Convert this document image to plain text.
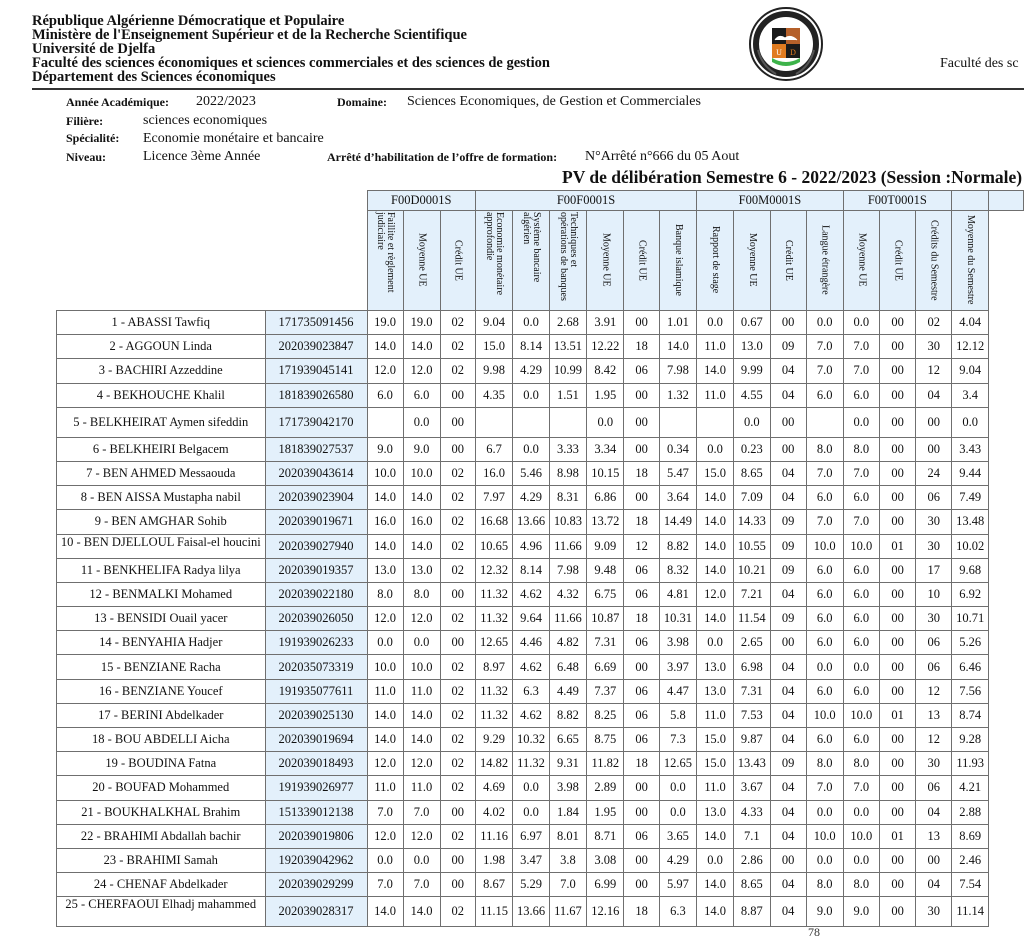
République Algérienne Démocratique et Populaire
Ministère de l'Enseignement Supérieur et de la Recherche Scientifique
Université de Djelfa
Faculté des sciences économiques et sciences commerciales et des sciences de gestion
Département des Sciences économiques
U D
Faculté des sc
Année Académique: 2022/2023	Domaine: Sciences Economiques, de Gestion et Commerciales
Filière:	sciences economiques
Spécialité: Economie monétaire et bancaire
Niveau:	Licence 3ème Année	Arrêté d’habilitation de l’offre de formation: N°Arrêté n°666 du 05 Aout
PV de délibération Semestre 6 - 2022/2023 (Session :Normale)
		F00D0001S			F00F0001S						F00M0001S				F00T0001S				
		Faillite et règlement judiciaire	Moyenne UE	Crédit UE	Economie monétaire approfondie	Système bancaire algérien	Techniques et opérations de banques	Moyenne UE	Crédit UE	Banque islamique	Rapport de stage	Moyenne UE	Crédit UE	Langue étrangère	Moyenne UE	Crédit UE	Crédits du Semestre	Moyenne du Semestre	
1 - ABASSI Tawfiq	171735091456	19.0	19.0	02	9.04	0.0	2.68	3.91	00	1.01	0.0	0.67	00	0.0	0.0	00	02	4.04	
2 - AGGOUN Linda	202039023847	14.0	14.0	02	15.0	8.14	13.51	12.22	18	14.0	11.0	13.0	09	7.0	7.0	00	30	12.12	
3 - BACHIRI Azzeddine	171939045141	12.0	12.0	02	9.98	4.29	10.99	8.42	06	7.98	14.0	9.99	04	7.0	7.0	00	12	9.04	
4 - BEKHOUCHE Khalil	181839026580	6.0	6.0	00	4.35	0.0	1.51	1.95	00	1.32	11.0	4.55	04	6.0	6.0	00	04	3.4	
5 - BELKHEIRAT Aymen sifeddin	171739042170		0.0	00				0.0	00			0.0	00		0.0	00	00	0.0	
6 - BELKHEIRI Belgacem	181839027537	9.0	9.0	00	6.7	0.0	3.33	3.34	00	0.34	0.0	0.23	00	8.0	8.0	00	00	3.43	
7 - BEN AHMED Messaouda	202039043614	10.0	10.0	02	16.0	5.46	8.98	10.15	18	5.47	15.0	8.65	04	7.0	7.0	00	24	9.44	
8 - BEN AISSA Mustapha nabil	202039023904	14.0	14.0	02	7.97	4.29	8.31	6.86	00	3.64	14.0	7.09	04	6.0	6.0	00	06	7.49	
9 - BEN AMGHAR Sohib	202039019671	16.0	16.0	02	16.68	13.66	10.83	13.72	18	14.49	14.0	14.33	09	7.0	7.0	00	30	13.48	
10 - BEN DJELLOUL Faisal-el houcini	202039027940	14.0	14.0	02	10.65	4.96	11.66	9.09	12	8.82	14.0	10.55	09	10.0	10.0	01	30	10.02	
11 - BENKHELIFA Radya lilya	202039019357	13.0	13.0	02	12.32	8.14	7.98	9.48	06	8.32	14.0	10.21	09	6.0	6.0	00	17	9.68	
12 - BENMALKI Mohamed	202039022180	8.0	8.0	00	11.32	4.62	4.32	6.75	06	4.81	12.0	7.21	04	6.0	6.0	00	10	6.92	
13 - BENSIDI Ouail yacer	202039026050	12.0	12.0	02	11.32	9.64	11.66	10.87	18	10.31	14.0	11.54	09	6.0	6.0	00	30	10.71	
14 - BENYAHIA Hadjer	191939026233	0.0	0.0	00	12.65	4.46	4.82	7.31	06	3.98	0.0	2.65	00	6.0	6.0	00	06	5.26	
15 - BENZIANE Racha	202035073319	10.0	10.0	02	8.97	4.62	6.48	6.69	00	3.97	13.0	6.98	04	0.0	0.0	00	06	6.46	
16 - BENZIANE Youcef	191935077611	11.0	11.0	02	11.32	6.3	4.49	7.37	06	4.47	13.0	7.31	04	6.0	6.0	00	12	7.56	
17 - BERINI Abdelkader	202039025130	14.0	14.0	02	11.32	4.62	8.82	8.25	06	5.8	11.0	7.53	04	10.0	10.0	01	13	8.74	
18 - BOU ABDELLI Aicha	202039019694	14.0	14.0	02	9.29	10.32	6.65	8.75	06	7.3	15.0	9.87	04	6.0	6.0	00	12	9.28	
19 - BOUDINA Fatna	202039018493	12.0	12.0	02	14.82	11.32	9.31	11.82	18	12.65	15.0	13.43	09	8.0	8.0	00	30	11.93	
20 - BOUFAD Mohammed	191939026977	11.0	11.0	02	4.69	0.0	3.98	2.89	00	0.0	11.0	3.67	04	7.0	7.0	00	06	4.21	
21 - BOUKHALKHAL Brahim	151339012138	7.0	7.0	00	4.02	0.0	1.84	1.95	00	0.0	13.0	4.33	04	0.0	0.0	00	04	2.88	
22 - BRAHIMI Abdallah bachir	202039019806	12.0	12.0	02	11.16	6.97	8.01	8.71	06	3.65	14.0	7.1	04	10.0	10.0	01	13	8.69	
23 - BRAHIMI Samah	192039042962	0.0	0.0	00	1.98	3.47	3.8	3.08	00	4.29	0.0	2.86	00	0.0	0.0	00	00	2.46	
24 - CHENAF Abdelkader	202039029299	7.0	7.0	00	8.67	5.29	7.0	6.99	00	5.97	14.0	8.65	04	8.0	8.0	00	04	7.54	
25 - CHERFAOUI Elhadj mahammed	202039028317	14.0	14.0	02	11.15	13.66	11.67	12.16	18	6.3	14.0	8.87	04	9.0	9.0	00	30	11.14	
78
